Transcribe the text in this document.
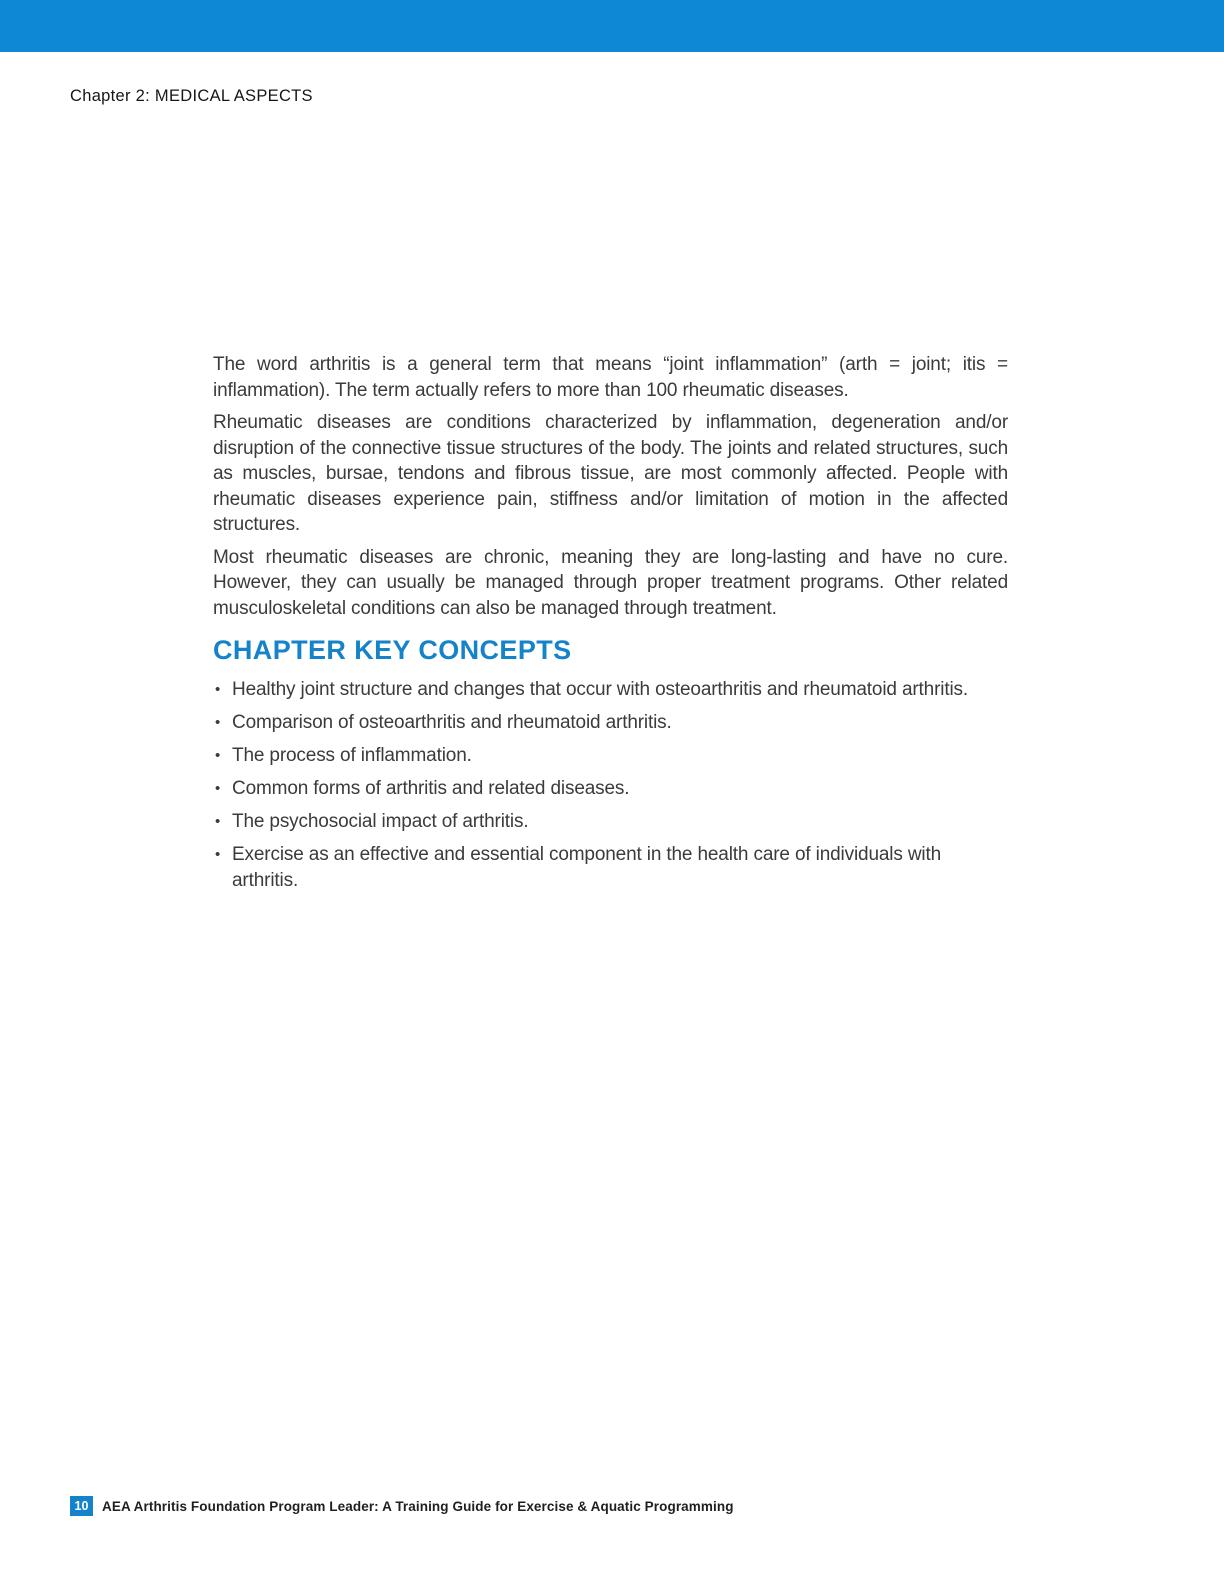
Chapter 2: MEDICAL ASPECTS

The word arthritis is a general term that means “joint inflammation” (arth = joint; itis = inflammation). The term actually refers to more than 100 rheumatic diseases.

Rheumatic diseases are conditions characterized by inflammation, degeneration and/or disruption of the connective tissue structures of the body. The joints and related structures, such as muscles, bursae, tendons and fibrous tissue, are most commonly affected. People with rheumatic diseases experience pain, stiffness and/or limitation of motion in the affected structures.

Most rheumatic diseases are chronic, meaning they are long-lasting and have no cure. However, they can usually be managed through proper treatment programs. Other related musculoskeletal conditions can also be managed through treatment.

CHAPTER KEY CONCEPTS
• Healthy joint structure and changes that occur with osteoarthritis and rheumatoid arthritis.
• Comparison of osteoarthritis and rheumatoid arthritis.
• The process of inflammation.
• Common forms of arthritis and related diseases.
• The psychosocial impact of arthritis.
• Exercise as an effective and essential component in the health care of individuals with arthritis.
10	AEA Arthritis Foundation Program Leader: A Training Guide for Exercise & Aquatic Programming
